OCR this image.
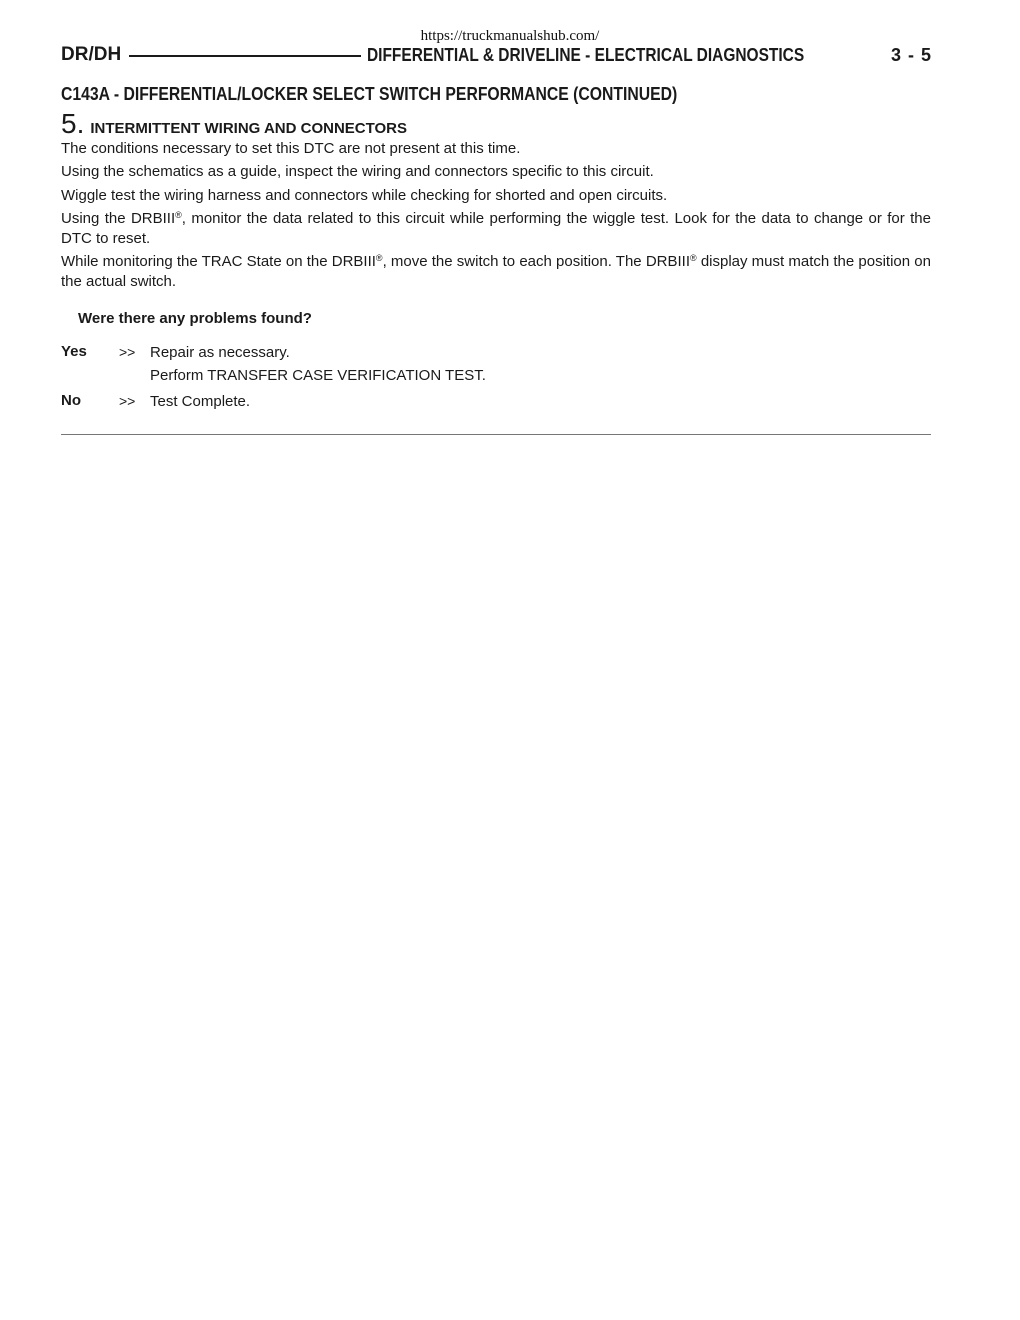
https://truckmanualshub.com/
DR/DH	DIFFERENTIAL & DRIVELINE - ELECTRICAL DIAGNOSTICS	3 - 5
C143A - DIFFERENTIAL/LOCKER SELECT SWITCH PERFORMANCE (CONTINUED)
5. INTERMITTENT WIRING AND CONNECTORS
The conditions necessary to set this DTC are not present at this time.
Using the schematics as a guide, inspect the wiring and connectors specific to this circuit.
Wiggle test the wiring harness and connectors while checking for shorted and open circuits.
Using the DRBIII®, monitor the data related to this circuit while performing the wiggle test. Look for the data to change or for the DTC to reset.
While monitoring the TRAC State on the DRBIII®, move the switch to each position. The DRBIII® display must match the position on the actual switch.
Were there any problems found?
Yes	>> Repair as necessary.
Perform TRANSFER CASE VERIFICATION TEST.
No	>> Test Complete.
